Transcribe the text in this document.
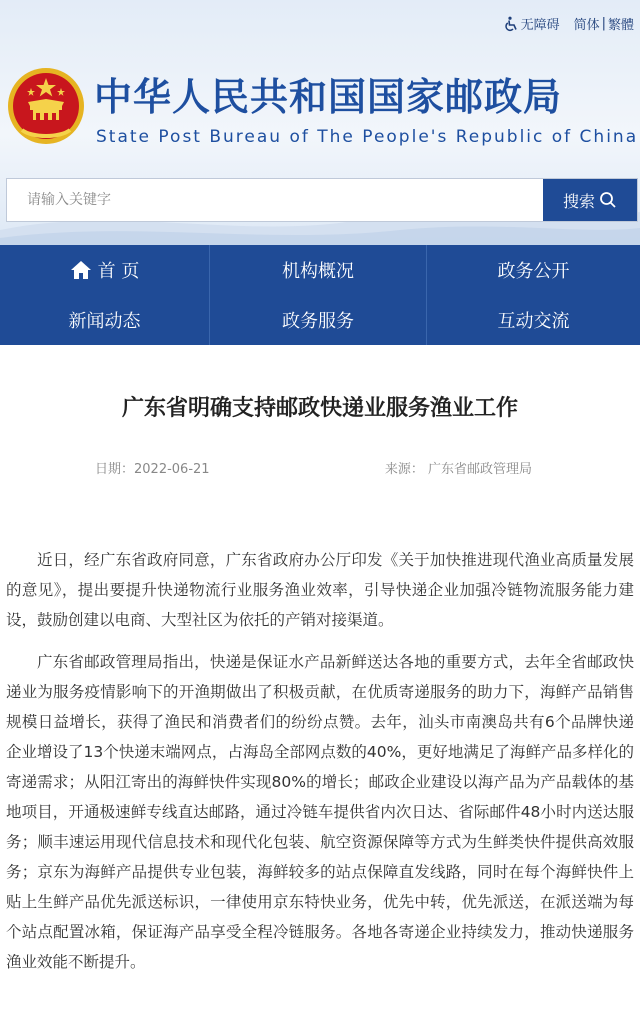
无障碍 简体 | 繁體
中华人民共和国国家邮政局
State Post Bureau of The People's Republic of China
请输入关键字
搜索
首 页	机构概况	政务公开
新闻动态	政务服务	互动交流
广东省明确支持邮政快递业服务渔业工作
日期：2022-06-21	来源： 广东省邮政管理局

近日，经广东省政府同意，广东省政府办公厅印发《关于加快推进现代渔业高质量发展的意见》，提出要提升快递物流行业服务渔业效率，引导快递企业加强冷链物流服务能力建设，鼓励创建以电商、大型社区为依托的产销对接渠道。

广东省邮政管理局指出，快递是保证水产品新鲜送达各地的重要方式，去年全省邮政快递业为服务疫情影响下的开渔期做出了积极贡献，在优质寄递服务的助力下，海鲜产品销售规模日益增长，获得了渔民和消费者们的纷纷点赞。去年，汕头市南澳岛共有6个品牌快递企业增设了13个快递末端网点，占海岛全部网点数的40%，更好地满足了海鲜产品多样化的寄递需求；从阳江寄出的海鲜快件实现80%的增长；邮政企业建设以海产品为产品载体的基地项目，开通极速鲜专线直达邮路，通过冷链车提供省内次日达、省际邮件48小时内送达服务；顺丰速运用现代信息技术和现代化包装、航空资源保障等方式为生鲜类快件提供高效服务；京东为海鲜产品提供专业包装，海鲜较多的站点保障直发线路，同时在每个海鲜快件上贴上生鲜产品优先派送标识，一律使用京东特快业务，优先中转，优先派送，在派送端为每个站点配置冰箱，保证海产品享受全程冷链服务。各地各寄递企业持续发力，推动快递服务渔业效能不断提升。
